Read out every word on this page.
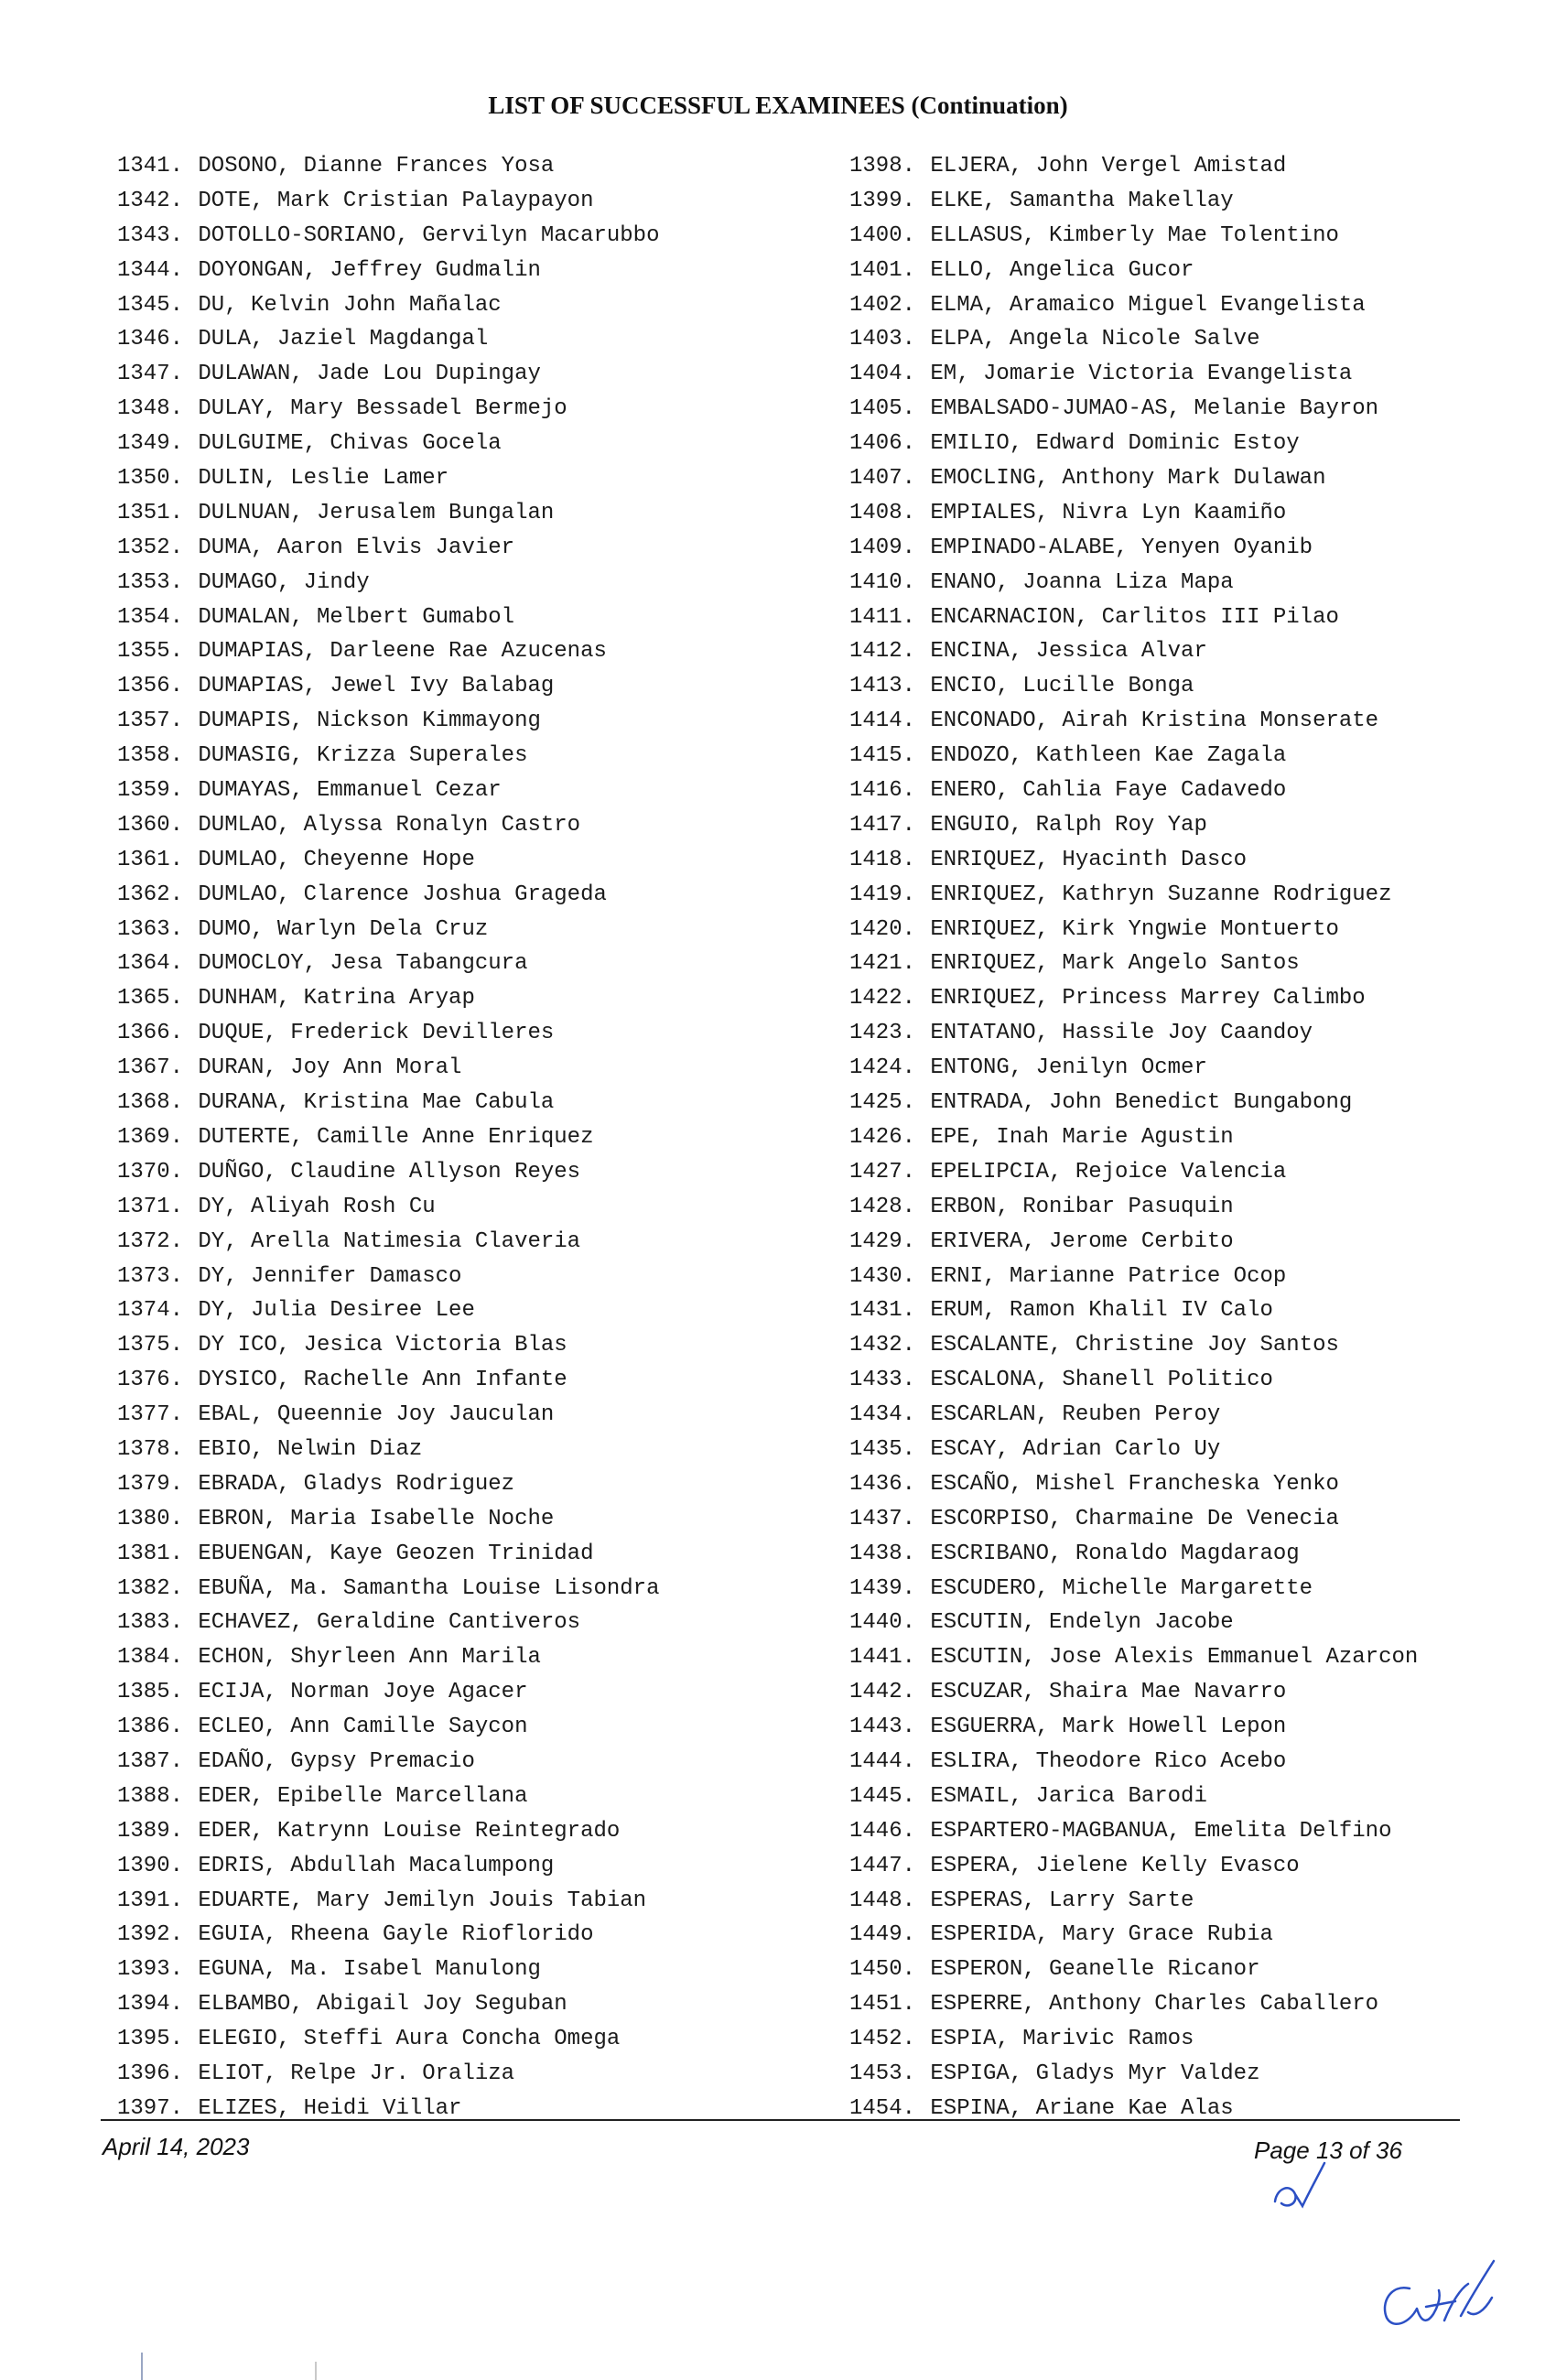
LIST OF SUCCESSFUL EXAMINEES (Continuation)
1341. DOSONO, Dianne Frances Yosa
1342. DOTE, Mark Cristian Palaypayon
1343. DOTOLLO-SORIANO, Gervilyn Macarubbo
1344. DOYONGAN, Jeffrey Gudmalin
1345. DU, Kelvin John Mañalac
1346. DULA, Jaziel Magdangal
1347. DULAWAN, Jade Lou Dupingay
1348. DULAY, Mary Bessadel Bermejo
1349. DULGUIME, Chivas Gocela
1350. DULIN, Leslie Lamer
1351. DULNUAN, Jerusalem Bungalan
1352. DUMA, Aaron Elvis Javier
1353. DUMAGO, Jindy
1354. DUMALAN, Melbert Gumabol
1355. DUMAPIAS, Darleene Rae Azucenas
1356. DUMAPIAS, Jewel Ivy Balabag
1357. DUMAPIS, Nickson Kimmayong
1358. DUMASIG, Krizza Superales
1359. DUMAYAS, Emmanuel Cezar
1360. DUMLAO, Alyssa Ronalyn Castro
1361. DUMLAO, Cheyenne Hope
1362. DUMLAO, Clarence Joshua Grageda
1363. DUMO, Warlyn Dela Cruz
1364. DUMOCLOY, Jesa Tabangcura
1365. DUNHAM, Katrina Aryap
1366. DUQUE, Frederick Devilleres
1367. DURAN, Joy Ann Moral
1368. DURANA, Kristina Mae Cabula
1369. DUTERTE, Camille Anne Enriquez
1370. DUÑGO, Claudine Allyson Reyes
1371. DY, Aliyah Rosh Cu
1372. DY, Arella Natimesia Claveria
1373. DY, Jennifer Damasco
1374. DY, Julia Desiree Lee
1375. DY ICO, Jesica Victoria Blas
1376. DYSICO, Rachelle Ann Infante
1377. EBAL, Queennie Joy Jauculan
1378. EBIO, Nelwin Diaz
1379. EBRADA, Gladys Rodriguez
1380. EBRON, Maria Isabelle Noche
1381. EBUENGAN, Kaye Geozen Trinidad
1382. EBUÑA, Ma. Samantha Louise Lisondra
1383. ECHAVEZ, Geraldine Cantiveros
1384. ECHON, Shyrleen Ann Marila
1385. ECIJA, Norman Joye Agacer
1386. ECLEO, Ann Camille Saycon
1387. EDAÑO, Gypsy Premacio
1388. EDER, Epibelle Marcellana
1389. EDER, Katrynn Louise Reintegrado
1390. EDRIS, Abdullah Macalumpong
1391. EDUARTE, Mary Jemilyn Jouis Tabian
1392. EGUIA, Rheena Gayle Rioflorido
1393. EGUNA, Ma. Isabel Manulong
1394. ELBAMBO, Abigail Joy Seguban
1395. ELEGIO, Steffi Aura Concha Omega
1396. ELIOT, Relpe Jr. Oraliza
1397. ELIZES, Heidi Villar
1398. ELJERA, John Vergel Amistad
1399. ELKE, Samantha Makellay
1400. ELLASUS, Kimberly Mae Tolentino
1401. ELLO, Angelica Gucor
1402. ELMA, Aramaico Miguel Evangelista
1403. ELPA, Angela Nicole Salve
1404. EM, Jomarie Victoria Evangelista
1405. EMBALSADO-JUMAO-AS, Melanie Bayron
1406. EMILIO, Edward Dominic Estoy
1407. EMOCLING, Anthony Mark Dulawan
1408. EMPIALES, Nivra Lyn Kaamiño
1409. EMPINADO-ALABE, Yenyen Oyanib
1410. ENANO, Joanna Liza Mapa
1411. ENCARNACION, Carlitos III Pilao
1412. ENCINA, Jessica Alvar
1413. ENCIO, Lucille Bonga
1414. ENCONADO, Airah Kristina Monserate
1415. ENDOZO, Kathleen Kae Zagala
1416. ENERO, Cahlia Faye Cadavedo
1417. ENGUIO, Ralph Roy Yap
1418. ENRIQUEZ, Hyacinth Dasco
1419. ENRIQUEZ, Kathryn Suzanne Rodriguez
1420. ENRIQUEZ, Kirk Yngwie Montuerto
1421. ENRIQUEZ, Mark Angelo Santos
1422. ENRIQUEZ, Princess Marrey Calimbo
1423. ENTATANO, Hassile Joy Caandoy
1424. ENTONG, Jenilyn Ocmer
1425. ENTRADA, John Benedict Bungabong
1426. EPE, Inah Marie Agustin
1427. EPELIPCIA, Rejoice Valencia
1428. ERBON, Ronibar Pasuquin
1429. ERIVERA, Jerome Cerbito
1430. ERNI, Marianne Patrice Ocop
1431. ERUM, Ramon Khalil IV Calo
1432. ESCALANTE, Christine Joy Santos
1433. ESCALONA, Shanell Politico
1434. ESCARLAN, Reuben Peroy
1435. ESCAY, Adrian Carlo Uy
1436. ESCAÑO, Mishel Francheska Yenko
1437. ESCORPISO, Charmaine De Venecia
1438. ESCRIBANO, Ronaldo Magdaraog
1439. ESCUDERO, Michelle Margarette
1440. ESCUTIN, Endelyn Jacobe
1441. ESCUTIN, Jose Alexis Emmanuel Azarcon
1442. ESCUZAR, Shaira Mae Navarro
1443. ESGUERRA, Mark Howell Lepon
1444. ESLIRA, Theodore Rico Acebo
1445. ESMAIL, Jarica Barodi
1446. ESPARTERO-MAGBANUA, Emelita Delfino
1447. ESPERA, Jielene Kelly Evasco
1448. ESPERAS, Larry Sarte
1449. ESPERIDA, Mary Grace Rubia
1450. ESPERON, Geanelle Ricanor
1451. ESPERRE, Anthony Charles Caballero
1452. ESPIA, Marivic Ramos
1453. ESPIGA, Gladys Myr Valdez
1454. ESPINA, Ariane Kae Alas
April 14, 2023	Page 13 of 36
